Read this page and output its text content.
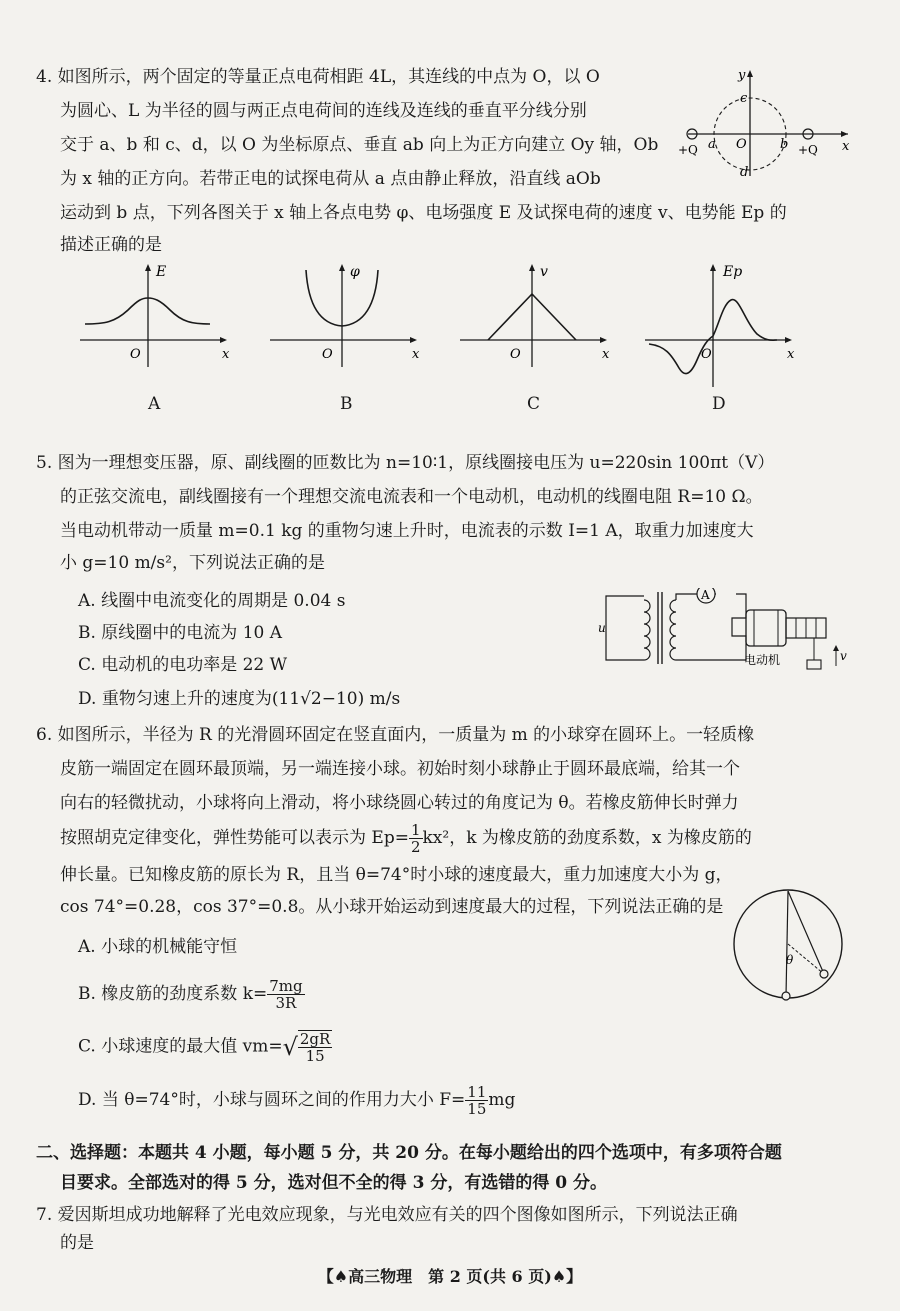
4. 如图所示，两个固定的等量正点电荷相距 4L，其连线的中点为 O，以 O
为圆心、L 为半径的圆与两正点电荷间的连线及连线的垂直平分线分别
交于 a、b 和 c、d，以 O 为坐标原点、垂直 ab 向上为正方向建立 Oy 轴，Ob
为 x 轴的正方向。若带正电的试探电荷从 a 点由静止释放，沿直线 aOb
运动到 b 点，下列各图关于 x 轴上各点电势 φ、电场强度 E 及试探电荷的速度 v、电势能 Ep 的
描述正确的是
y
x
c
d
a	b
O
+Q	+Q
E
x
O
A
φ
x
O
B
v
x
O
C
Ep
x
O
D
5. 图为一理想变压器，原、副线圈的匝数比为 n=10∶1，原线圈接电压为 u=220sin 100πt（V）
的正弦交流电，副线圈接有一个理想交流电流表和一个电动机，电动机的线圈电阻 R=10 Ω。
当电动机带动一质量 m=0.1 kg 的重物匀速上升时，电流表的示数 I=1 A，取重力加速度大
小 g=10 m/s²，下列说法正确的是
A. 线圈中电流变化的周期是 0.04 s
B. 原线圈中的电流为 10 A
C. 电动机的电功率是 22 W
D. 重物匀速上升的速度为(11√2−10) m/s
A
u
电动机	v
6. 如图所示，半径为 R 的光滑圆环固定在竖直面内，一质量为 m 的小球穿在圆环上。一轻质橡
皮筋一端固定在圆环最顶端，另一端连接小球。初始时刻小球静止于圆环最底端，给其一个
向右的轻微扰动，小球将向上滑动，将小球绕圆心转过的角度记为 θ。若橡皮筋伸长时弹力
按照胡克定律变化，弹性势能可以表示为 $Ep= \frac{1}{2} kx^2$，k 为橡皮筋的劲度系数，x 为橡皮筋的
伸长量。已知橡皮筋的原长为 R，且当 θ=74°时小球的速度最大，重力加速度大小为 g，
cos 74°=0.28，cos 37°=0.8。从小球开始运动到速度最大的过程，下列说法正确的是
A. 小球的机械能守恒
B. 橡皮筋的劲度系数 $k= \frac{7mg}{3R}$
C. 小球速度的最大值 $vm=√ \frac{2gR}{15}$
D. 当 θ=74°时，小球与圆环之间的作用力大小 $F= \frac{11}{15}$ mg
θ
二、选择题：本题共 4 小题，每小题 5 分，共 20 分。在每小题给出的四个选项中，有多项符合题
目要求。全部选对的得 5 分，选对但不全的得 3 分，有选错的得 0 分。
7. 爱因斯坦成功地解释了光电效应现象，与光电效应有关的四个图像如图所示，下列说法正确
【♠高三物理　第 2 页(共 6 页)♠】
的是
